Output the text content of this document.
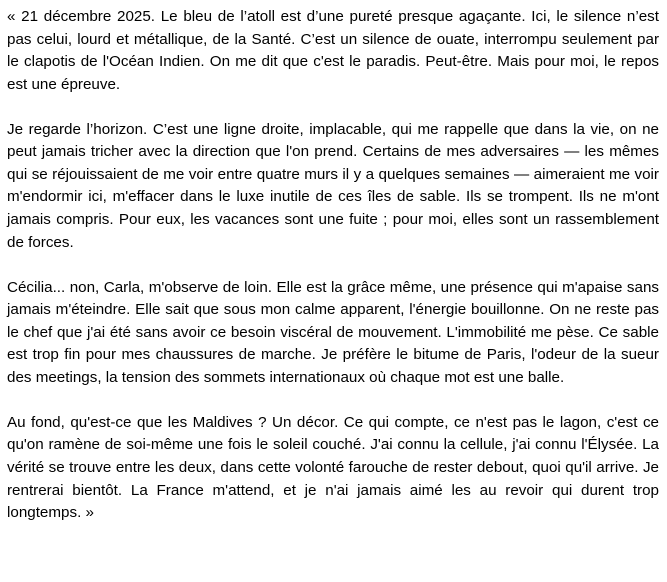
« 21 décembre 2025. Le bleu de l’atoll est d’une pureté presque agaçante. Ici, le silence n’est pas celui, lourd et métallique, de la Santé. C’est un silence de ouate, interrompu seulement par le clapotis de l'Océan Indien. On me dit que c'est le paradis. Peut-être. Mais pour moi, le repos est une épreuve.

Je regarde l’horizon. C’est une ligne droite, implacable, qui me rappelle que dans la vie, on ne peut jamais tricher avec la direction que l'on prend. Certains de mes adversaires — les mêmes qui se réjouissaient de me voir entre quatre murs il y a quelques semaines — aimeraient me voir m'endormir ici, m'effacer dans le luxe inutile de ces îles de sable. Ils se trompent. Ils ne m'ont jamais compris. Pour eux, les vacances sont une fuite ; pour moi, elles sont un rassemblement de forces.

Cécilia... non, Carla, m'observe de loin. Elle est la grâce même, une présence qui m'apaise sans jamais m'éteindre. Elle sait que sous mon calme apparent, l'énergie bouillonne. On ne reste pas le chef que j'ai été sans avoir ce besoin viscéral de mouvement. L'immobilité me pèse. Ce sable est trop fin pour mes chaussures de marche. Je préfère le bitume de Paris, l'odeur de la sueur des meetings, la tension des sommets internationaux où chaque mot est une balle.

Au fond, qu'est-ce que les Maldives ? Un décor. Ce qui compte, ce n'est pas le lagon, c'est ce qu'on ramène de soi-même une fois le soleil couché. J'ai connu la cellule, j'ai connu l'Élysée. La vérité se trouve entre les deux, dans cette volonté farouche de rester debout, quoi qu'il arrive. Je rentrerai bientôt. La France m'attend, et je n'ai jamais aimé les au revoir qui durent trop longtemps. »
